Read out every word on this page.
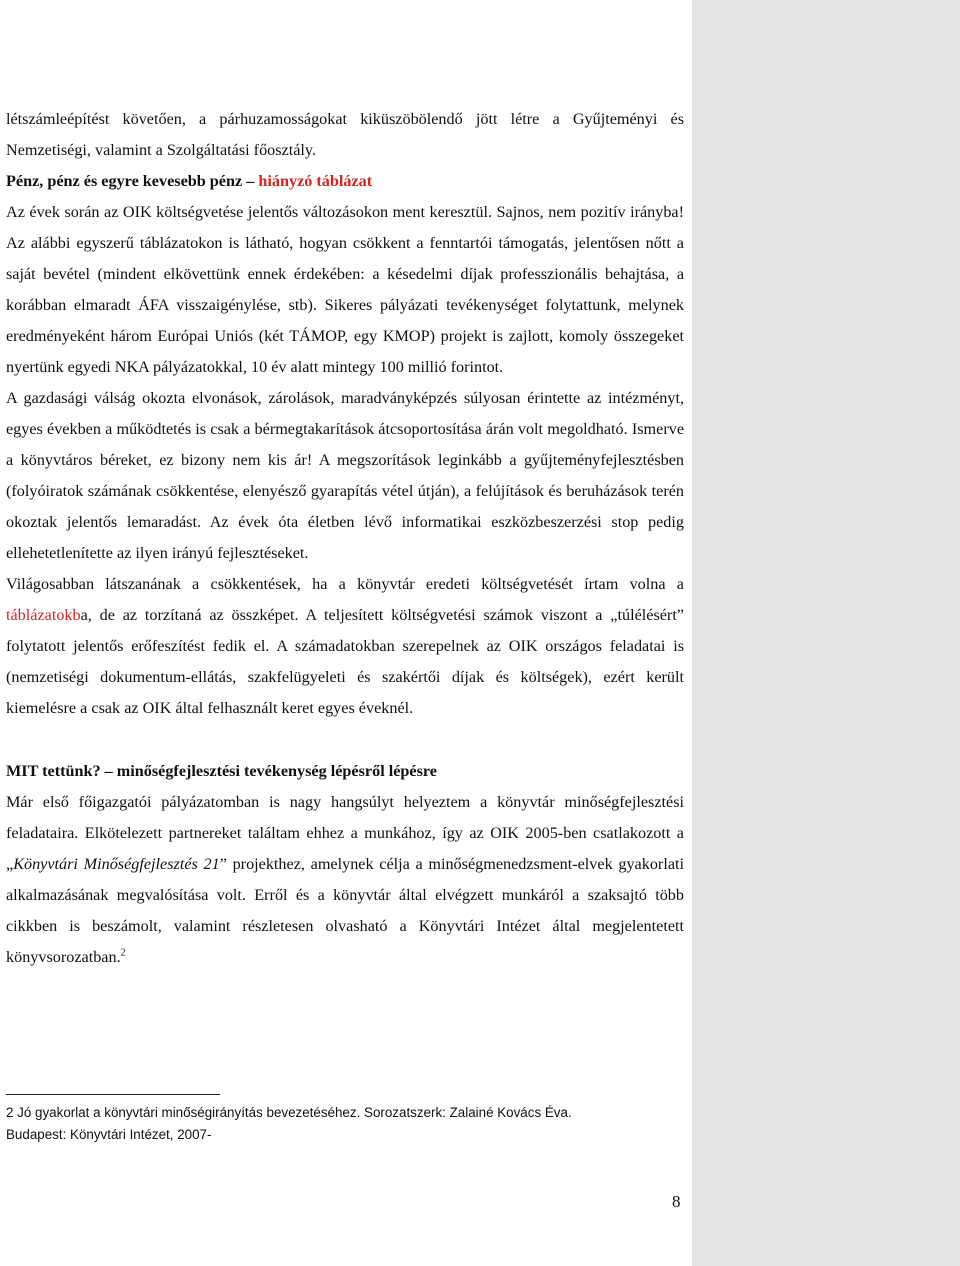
létszámleépítést követően, a párhuzamosságokat kiküszöbölendő jött létre a Gyűjteményi és Nemzetiségi, valamint a Szolgáltatási főosztály.

Pénz, pénz és egyre kevesebb pénz – hiányzó táblázat

Az évek során az OIK költségvetése jelentős változásokon ment keresztül. Sajnos, nem pozitív irányba! Az alábbi egyszerű táblázatokon is látható, hogyan csökkent a fenntartói támogatás, jelentősen nőtt a saját bevétel (mindent elkövettünk ennek érdekében: a késedelmi díjak professzionális behajtása, a korábban elmaradt ÁFA visszaigénylése, stb). Sikeres pályázati tevékenységet folytattunk, melynek eredményeként három Európai Uniós (két TÁMOP, egy KMOP) projekt is zajlott, komoly összegeket nyertünk egyedi NKA pályázatokkal, 10 év alatt mintegy 100 millió forintot.

A gazdasági válság okozta elvonások, zárolások, maradványképzés súlyosan érintette az intézményt, egyes években a működtetés is csak a bérmegtakarítások átcsoportosítása árán volt megoldható. Ismerve a könyvtáros béreket, ez bizony nem kis ár! A megszorítások leginkább a gyűjteményfejlesztésben (folyóiratok számának csökkentése, elenyésző gyarapítás vétel útján), a felújítások és beruházások terén okoztak jelentős lemaradást. Az évek óta életben lévő informatikai eszközbeszerzési stop pedig ellehetetlenítette az ilyen irányú fejlesztéseket.

Világosabban látszanának a csökkentések, ha a könyvtár eredeti költségvetését írtam volna a táblázatokba, de az torzítaná az összképet. A teljesített költségvetési számok viszont a „túlélésért” folytatott jelentős erőfeszítést fedik el. A számadatokban szerepelnek az OIK országos feladatai is (nemzetiségi dokumentum-ellátás, szakfelügyeleti és szakértői díjak és költségek), ezért került kiemelésre a csak az OIK által felhasznált keret egyes éveknél.

MIT tettünk? – minőségfejlesztési tevékenység lépésről lépésre

Már első főigazgatói pályázatomban is nagy hangsúlyt helyeztem a könyvtár minőségfejlesztési feladataira. Elkötelezett partnereket találtam ehhez a munkához, így az OIK 2005-ben csatlakozott a „Könyvtári Minőségfejlesztés 21” projekthez, amelynek célja a minőségmenedzsment-elvek gyakorlati alkalmazásának megvalósítása volt. Erről és a könyvtár által elvégzett munkáról a szaksajtó több cikkben is beszámolt, valamint részletesen olvasható a Könyvtári Intézet által megjelentetett könyvsorozatban.$^2$

2 Jó gyakorlat a könyvtári minőségirányítás bevezetéséhez. Sorozatszerk: Zalainé Kovács Éva.
Budapest: Könyvtári Intézet, 2007-
8
